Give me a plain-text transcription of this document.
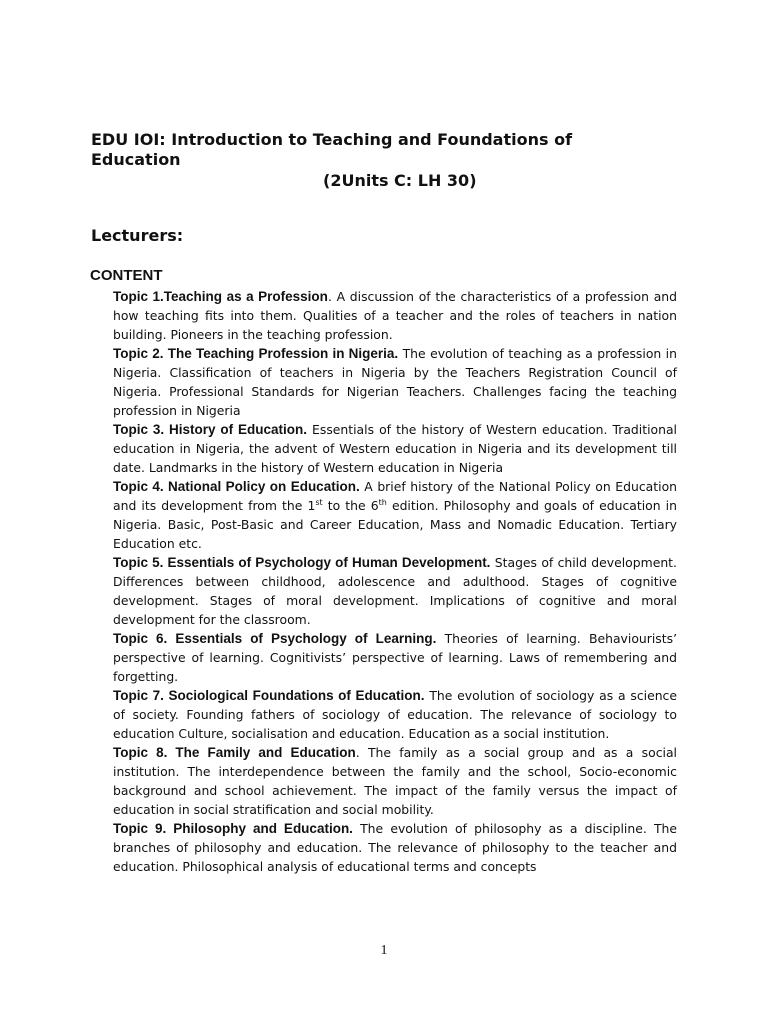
EDU IOI: Introduction to Teaching and Foundations of Education
(2Units C: LH 30)
Lecturers:
CONTENT
Topic 1.Teaching as a Profession. A discussion of the characteristics of a profession and how teaching fits into them. Qualities of a teacher and the roles of teachers in nation building. Pioneers in the teaching profession.
Topic 2. The Teaching Profession in Nigeria. The evolution of teaching as a profession in Nigeria. Classification of teachers in Nigeria by the Teachers Registration Council of Nigeria. Professional Standards for Nigerian Teachers. Challenges facing the teaching profession in Nigeria
Topic 3. History of Education. Essentials of the history of Western education. Traditional education in Nigeria, the advent of Western education in Nigeria and its development till date. Landmarks in the history of Western education in Nigeria
Topic 4. National Policy on Education. A brief history of the National Policy on Education and its development from the 1st to the 6th edition. Philosophy and goals of education in Nigeria. Basic, Post-Basic and Career Education, Mass and Nomadic Education. Tertiary Education etc.
Topic 5. Essentials of Psychology of Human Development. Stages of child development. Differences between childhood, adolescence and adulthood. Stages of cognitive development. Stages of moral development. Implications of cognitive and moral development for the classroom.
Topic 6. Essentials of Psychology of Learning. Theories of learning. Behaviourists’ perspective of learning. Cognitivists’ perspective of learning. Laws of remembering and forgetting.
Topic 7. Sociological Foundations of Education. The evolution of sociology as a science of society. Founding fathers of sociology of education. The relevance of sociology to education Culture, socialisation and education. Education as a social institution.
Topic 8. The Family and Education. The family as a social group and as a social institution. The interdependence between the family and the school, Socio-economic background and school achievement. The impact of the family versus the impact of education in social stratification and social mobility.
Topic 9. Philosophy and Education. The evolution of philosophy as a discipline. The branches of philosophy and education. The relevance of philosophy to the teacher and education. Philosophical analysis of educational terms and concepts
1
